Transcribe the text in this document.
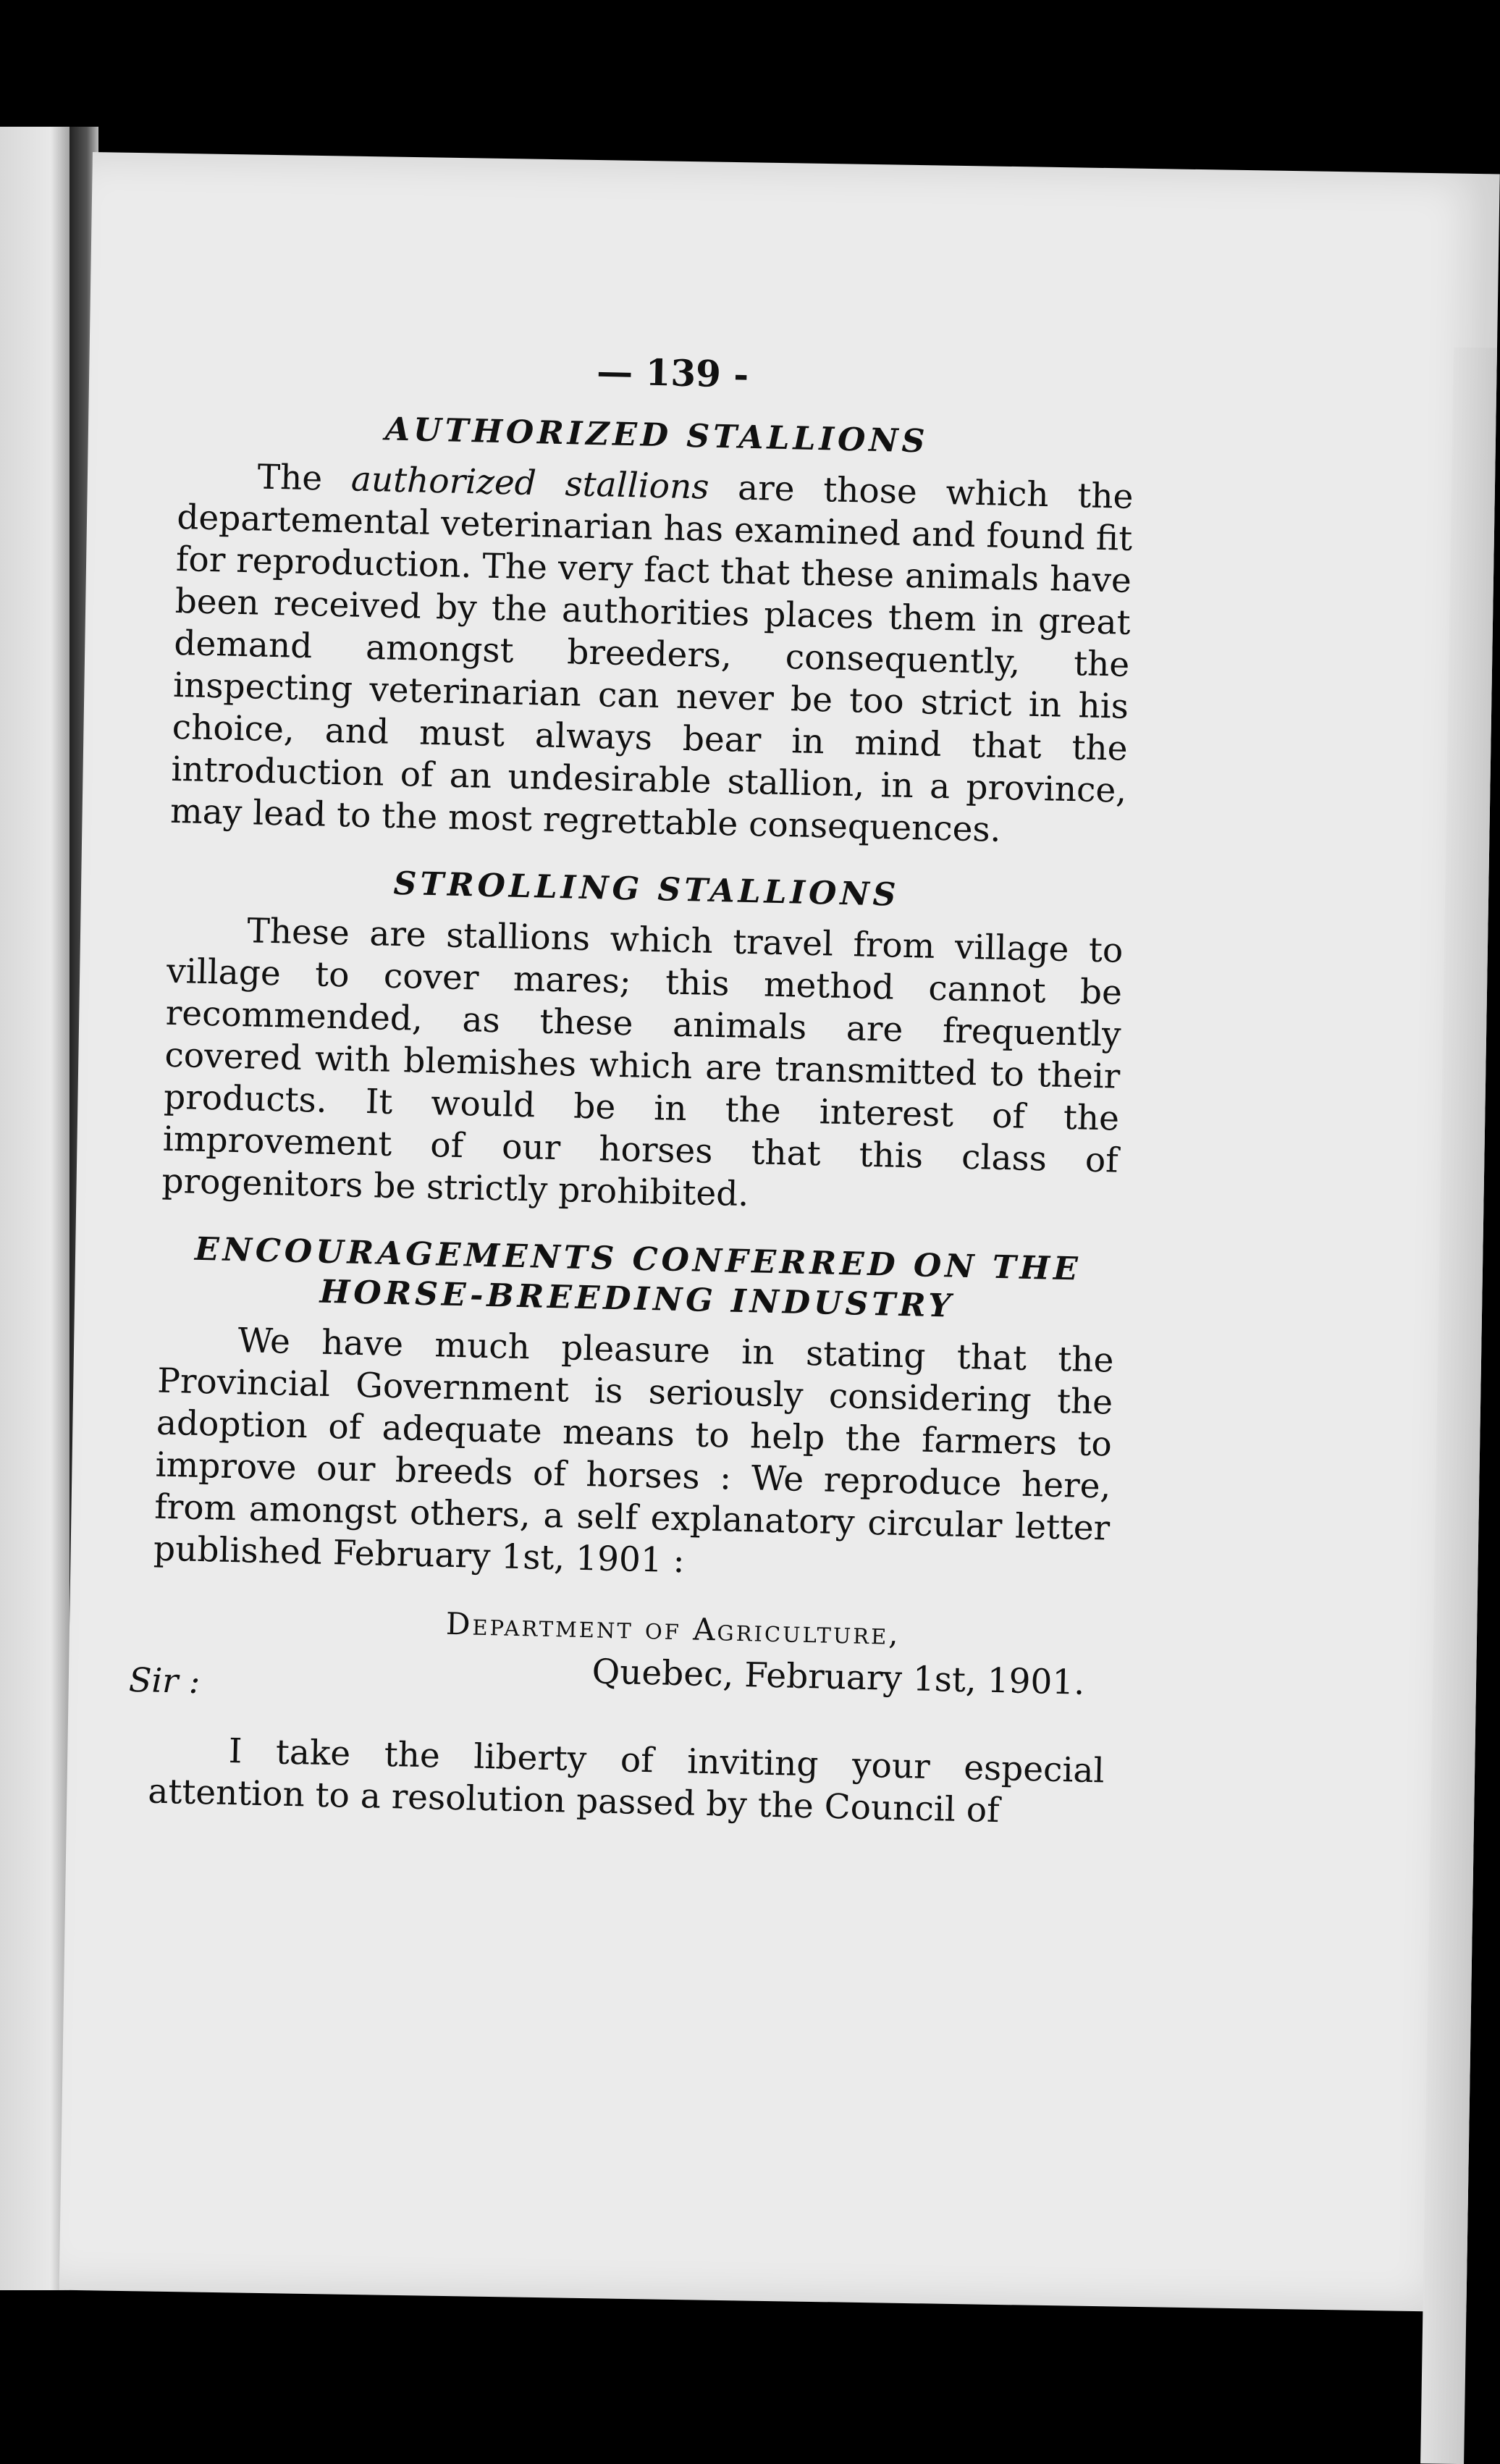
— 139 -
AUTHORIZED STALLIONS

The authorized stallions are those which the departemental veterinarian has examined and found fit for reproduction. The very fact that these animals have been received by the authorities places them in great demand amongst breeders, consequently, the inspecting veterinarian can never be too strict in his choice, and must always bear in mind that the introduction of an undesirable stallion, in a province, may lead to the most regrettable consequences.

STROLLING STALLIONS

These are stallions which travel from village to village to cover mares; this method cannot be recommended, as these animals are frequently covered with blemishes which are transmitted to their products. It would be in the interest of the improvement of our horses that this class of progenitors be strictly prohibited.

ENCOURAGEMENTS CONFERRED ON THE HORSE-BREEDING INDUSTRY

We have much pleasure in stating that the Provincial Government is seriously considering the adoption of adequate means to help the farmers to improve our breeds of horses : We reproduce here, from amongst others, a self explanatory circular letter published February 1st, 1901 :

Department of Agriculture,
Sir :	Quebec, February 1st, 1901.

I take the liberty of inviting your especial attention to a resolution passed by the Council of
